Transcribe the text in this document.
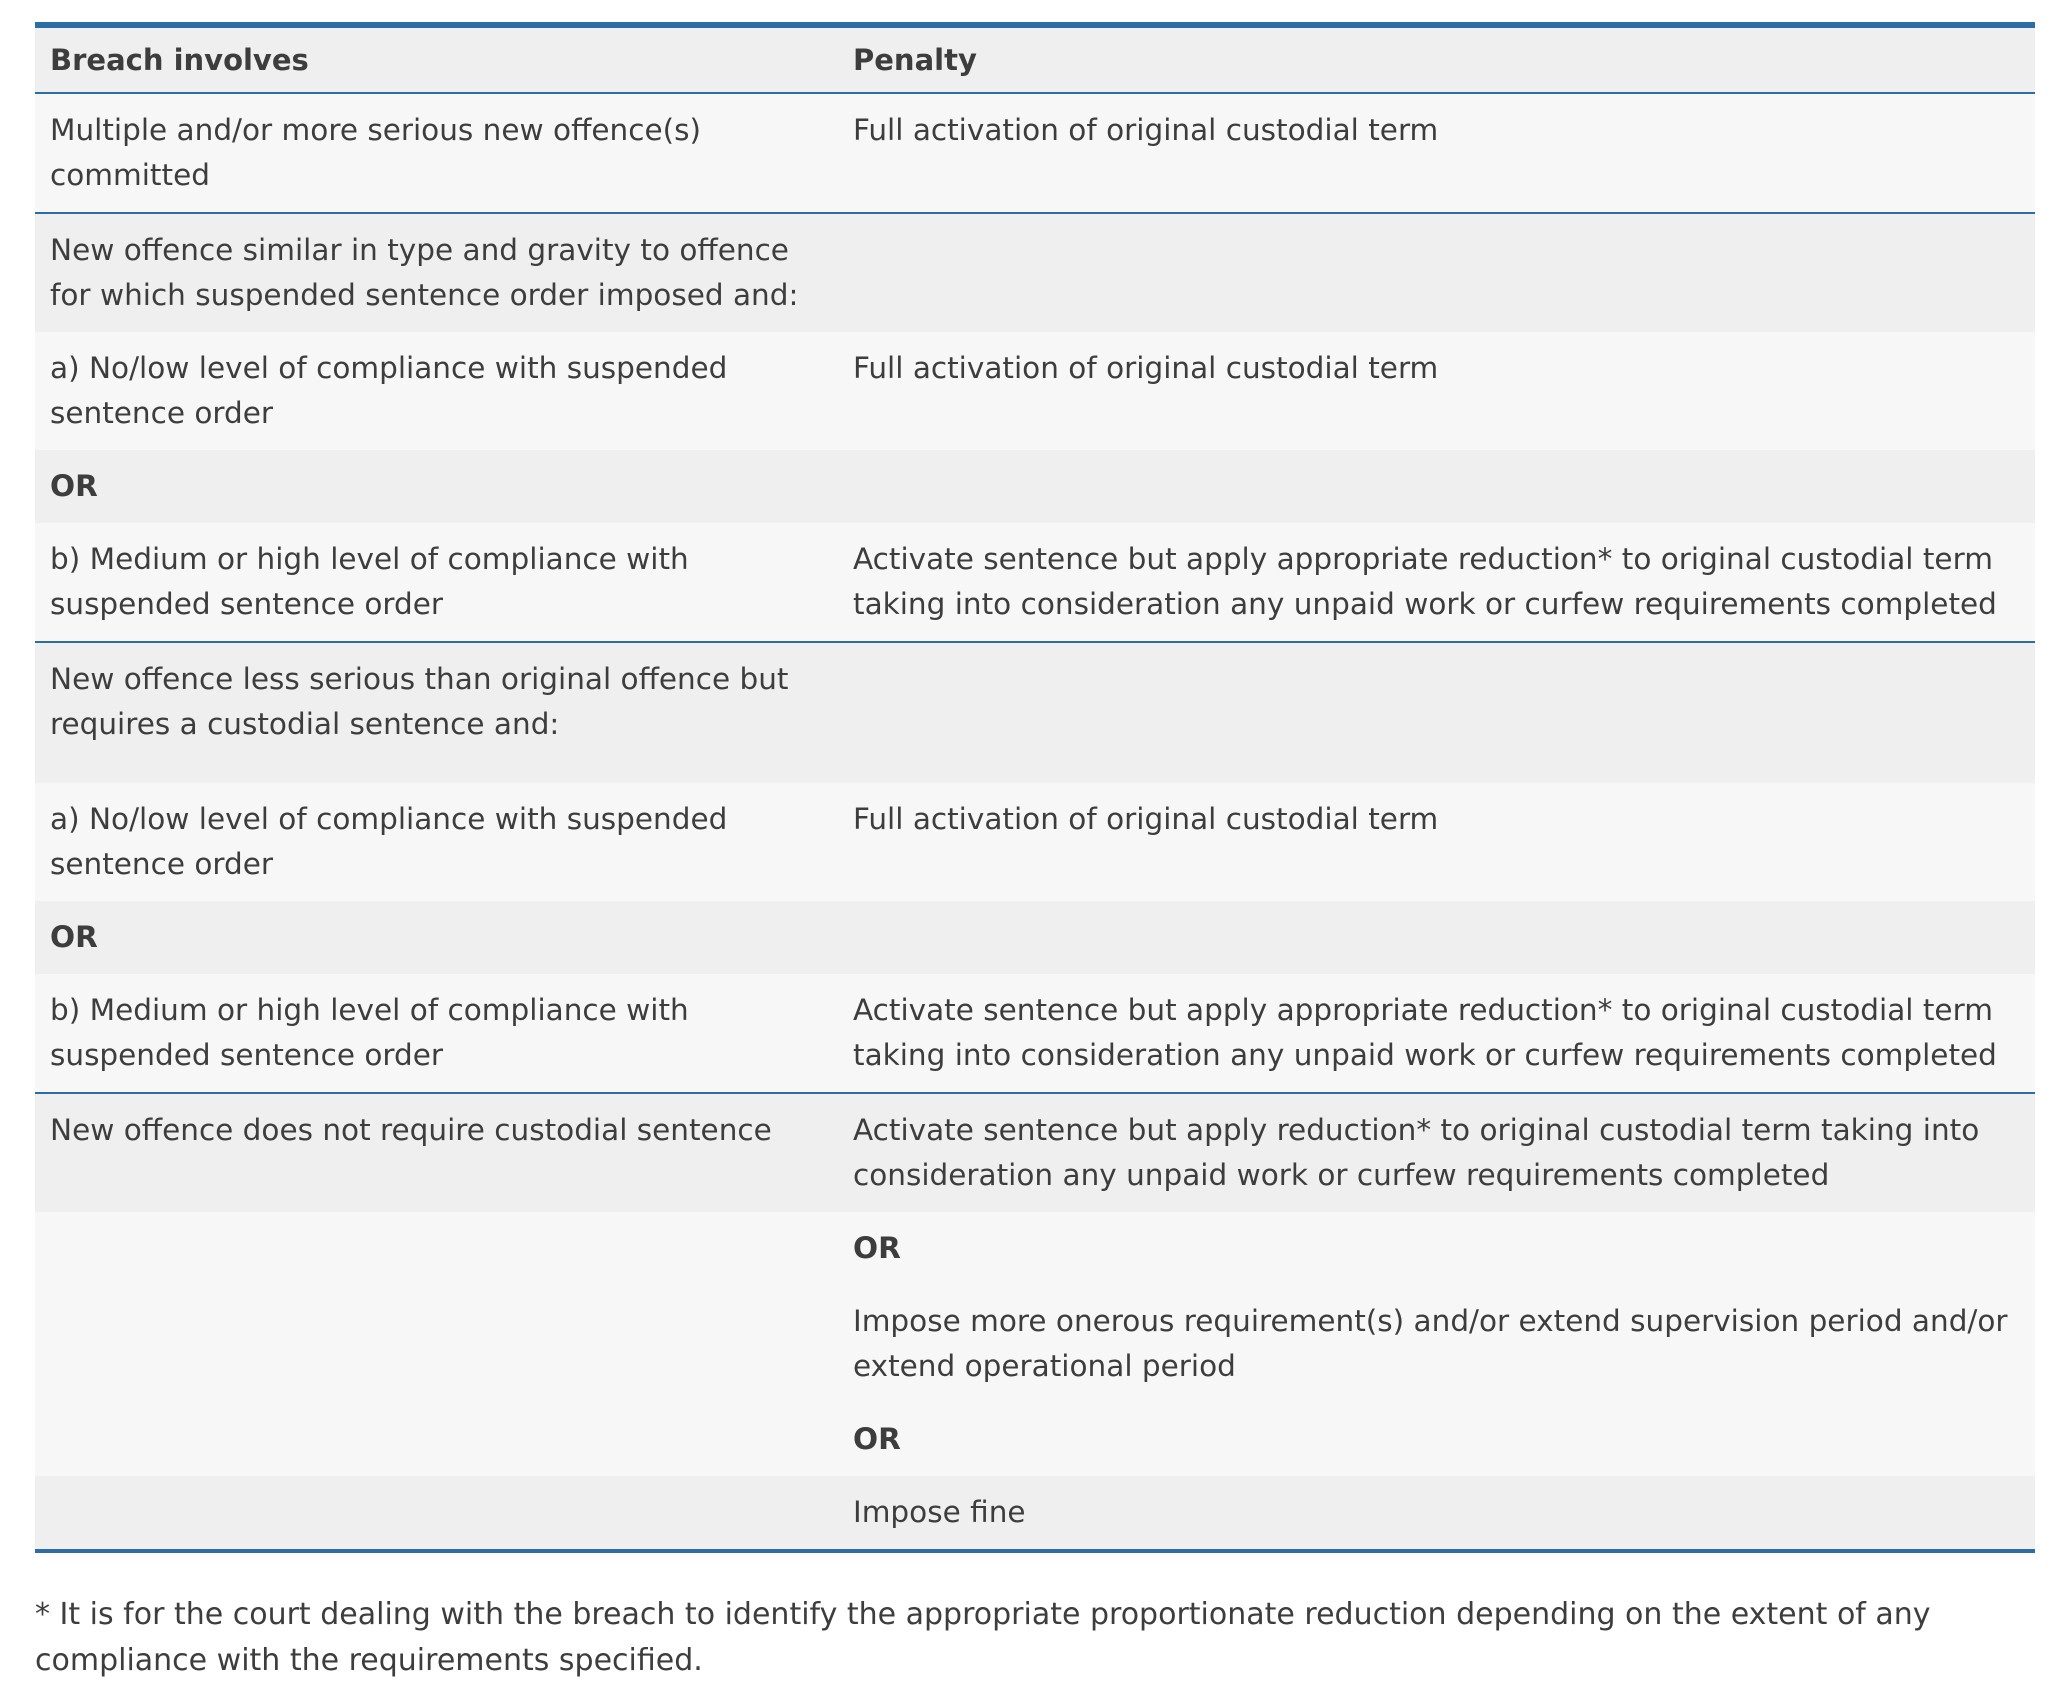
Breach involves	Penalty
Multiple and/or more serious new offence(s) committed	Full activation of original custodial term
New offence similar in type and gravity to offence for which suspended sentence order imposed and:	
a) No/low level of compliance with suspended sentence order	Full activation of original custodial term
OR	
b) Medium or high level of compliance with suspended sentence order	Activate sentence but apply appropriate reduction* to original custodial term taking into consideration any unpaid work or curfew requirements completed
New offence less serious than original offence but requires a custodial sentence and:	
a) No/low level of compliance with suspended sentence order	Full activation of original custodial term
OR	
b) Medium or high level of compliance with suspended sentence order	Activate sentence but apply appropriate reduction* to original custodial term taking into consideration any unpaid work or curfew requirements completed
New offence does not require custodial sentence	Activate sentence but apply reduction* to original custodial term taking into consideration any unpaid work or curfew requirements completed
	OR
	Impose more onerous requirement(s) and/or extend supervision period and/or extend operational period
	OR
	Impose fine

* It is for the court dealing with the breach to identify the appropriate proportionate reduction depending on the extent of any compliance with the requirements specified.
